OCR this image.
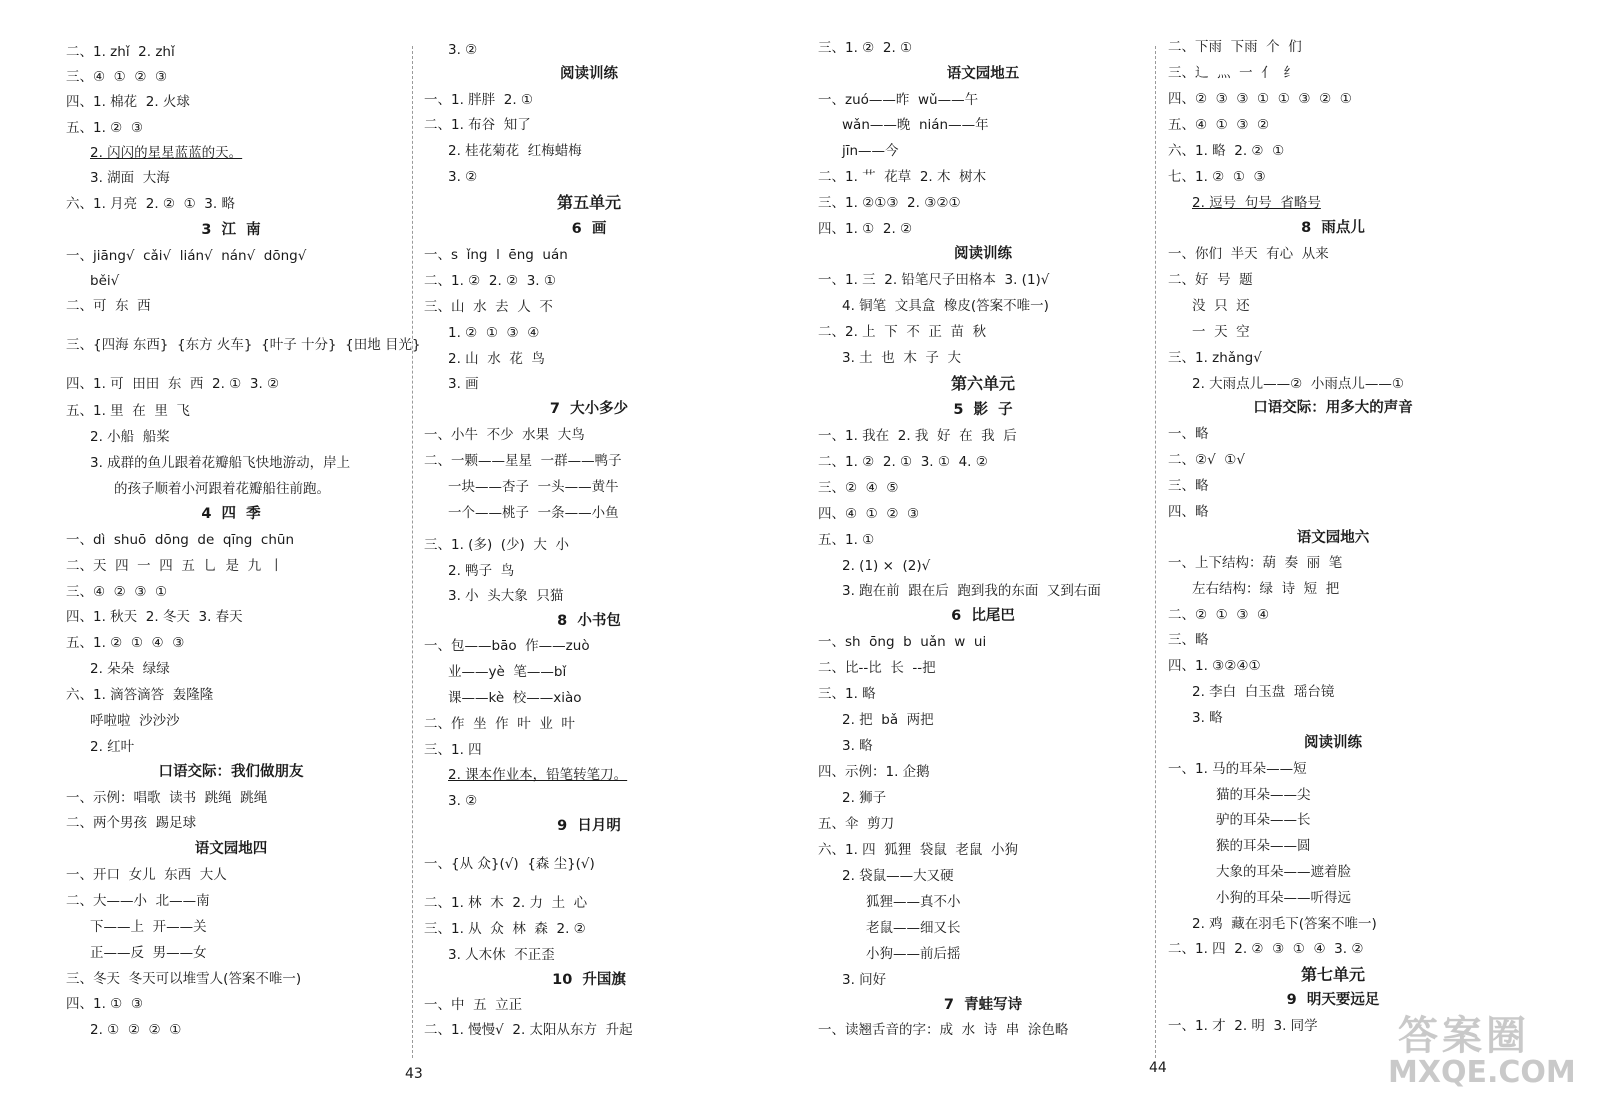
二、1. zhǐ  2. zhǐ
三、④  ①  ②  ③
四、1. 棉花  2. 火球
五、1. ②  ③
2. 闪闪的星星蓝蓝的天。
3. 湖面  大海
六、1. 月亮  2. ②  ①  3. 略
3  江  南
一、jiāng√  cǎi√  lián√  nán√  dōng√
běi√
二、可  东  西
三、{四海 东西}  {东方 火车}  {叶子 十分}  {田地 目光}
四、1. 可  田田  东  西  2. ①  3. ②
五、1. 里  在  里  飞
2. 小船  船桨
3. 成群的鱼儿跟着花瓣船飞快地游动，岸上
的孩子顺着小河跟着花瓣船往前跑。
4  四  季
一、dì  shuō  dōng  de  qīng  chūn
二、天  四  一  四  五  乚  是  九  丨
三、④  ②  ③  ①
四、1. 秋天  2. 冬天  3. 春天
五、1. ②  ①  ④  ③
2. 朵朵  绿绿
六、1. 滴答滴答  轰隆隆
呼啦啦  沙沙沙
2. 红叶
口语交际：我们做朋友
一、示例：唱歌  读书  跳绳  跳绳
二、两个男孩  踢足球
语文园地四
一、开口  女儿  东西  大人
二、大——小  北——南
下——上  开——关
正——反  男——女
三、冬天  冬天可以堆雪人(答案不唯一)
四、1. ①  ③
2. ①  ②  ②  ①
3. ②
阅读训练
一、1. 胖胖  2. ①
二、1. 布谷  知了
2. 桂花菊花  红梅蜡梅
3. ②
第五单元
6  画
一、s  ǐng  l  ēng  uán
二、1. ②  2. ②  3. ①
三、山  水  去  人  不
1. ②  ①  ③  ④
2. 山  水  花  鸟
3. 画
7  大小多少
一、小牛  不少  水果  大鸟
二、一颗——星星  一群——鸭子
一块——杏子  一头——黄牛
一个——桃子  一条——小鱼
三、1. (多)  (少)  大  小
2. 鸭子  鸟
3. 小  头大象  只猫
8  小书包
一、包——bāo  作——zuò
业——yè  笔——bǐ
课——kè  校——xiào
二、作  坐  作  叶  业  叶
三、1. 四
2. 课本作业本，铅笔转笔刀。
3. ②
9  日月明
一、{从 众}(√)  {森 尘}(√)
二、1. 林  木  2. 力  土  心
三、1. 从  众  林  森  2. ②
3. 人木休  不正歪
10  升国旗
一、中  五  立正
二、1. 慢慢√  2. 太阳从东方  升起
三、1. ②  2. ①
语文园地五
一、zuó——昨  wǔ——午
wǎn——晚  nián——年
jīn——今
二、1. 艹  花草  2. 木  树木
三、1. ②①③  2. ③②①
四、1. ①  2. ②
阅读训练
一、1. 三  2. 铅笔尺子田格本  3. (1)√
4. 铜笔  文具盒  橡皮(答案不唯一)
二、2. 上  下  不  正  苗  秋
3. 土  也  木  子  大
第六单元
5  影  子
一、1. 我在  2. 我  好  在  我  后
二、1. ②  2. ①  3. ①  4. ②
三、②  ④  ⑤
四、④  ①  ②  ③
五、1. ①
2. (1) ×  (2)√
3. 跑在前  跟在后  跑到我的东面  又到右面
6  比尾巴
一、sh  ōng  b  uǎn  w  ui
二、比--比  长  --把
三、1. 略
2. 把  bǎ  两把
3. 略
四、示例：1. 企鹅
2. 狮子
五、伞  剪刀
六、1. 四  狐狸  袋鼠  老鼠  小狗
2. 袋鼠——大又硬
狐狸——真不小
老鼠——细又长
小狗——前后摇
3. 问好
7  青蛙写诗
一、读翘舌音的字：成  水  诗  串  涂色略
二、下雨  下雨  个  们
三、辶  灬  一  亻  纟
四、②  ③  ③  ①  ①  ③  ②  ①
五、④  ①  ③  ②
六、1. 略  2. ②  ①
七、1. ②  ①  ③
2. 逗号  句号  省略号
8  雨点儿
一、你们  半天  有心  从来
二、好  号  题
没  只  还
一  天  空
三、1. zhǎng√
2. 大雨点儿——②  小雨点儿——①
口语交际：用多大的声音
一、略
二、②√  ①√
三、略
四、略
语文园地六
一、上下结构：葫  奏  丽  笔
左右结构：绿  诗  短  把
二、②  ①  ③  ④
三、略
四、1. ③②④①
2. 李白  白玉盘  瑶台镜
3. 略
阅读训练
一、1. 马的耳朵——短
猫的耳朵——尖
驴的耳朵——长
猴的耳朵——圆
大象的耳朵——遮着脸
小狗的耳朵——听得远
2. 鸡  藏在羽毛下(答案不唯一)
二、1. 四  2. ②  ③  ①  ④  3. ②
第七单元
9  明天要远足
一、1. 才  2. 明  3. 同学
43	44
答案圈
MXQE.COM
